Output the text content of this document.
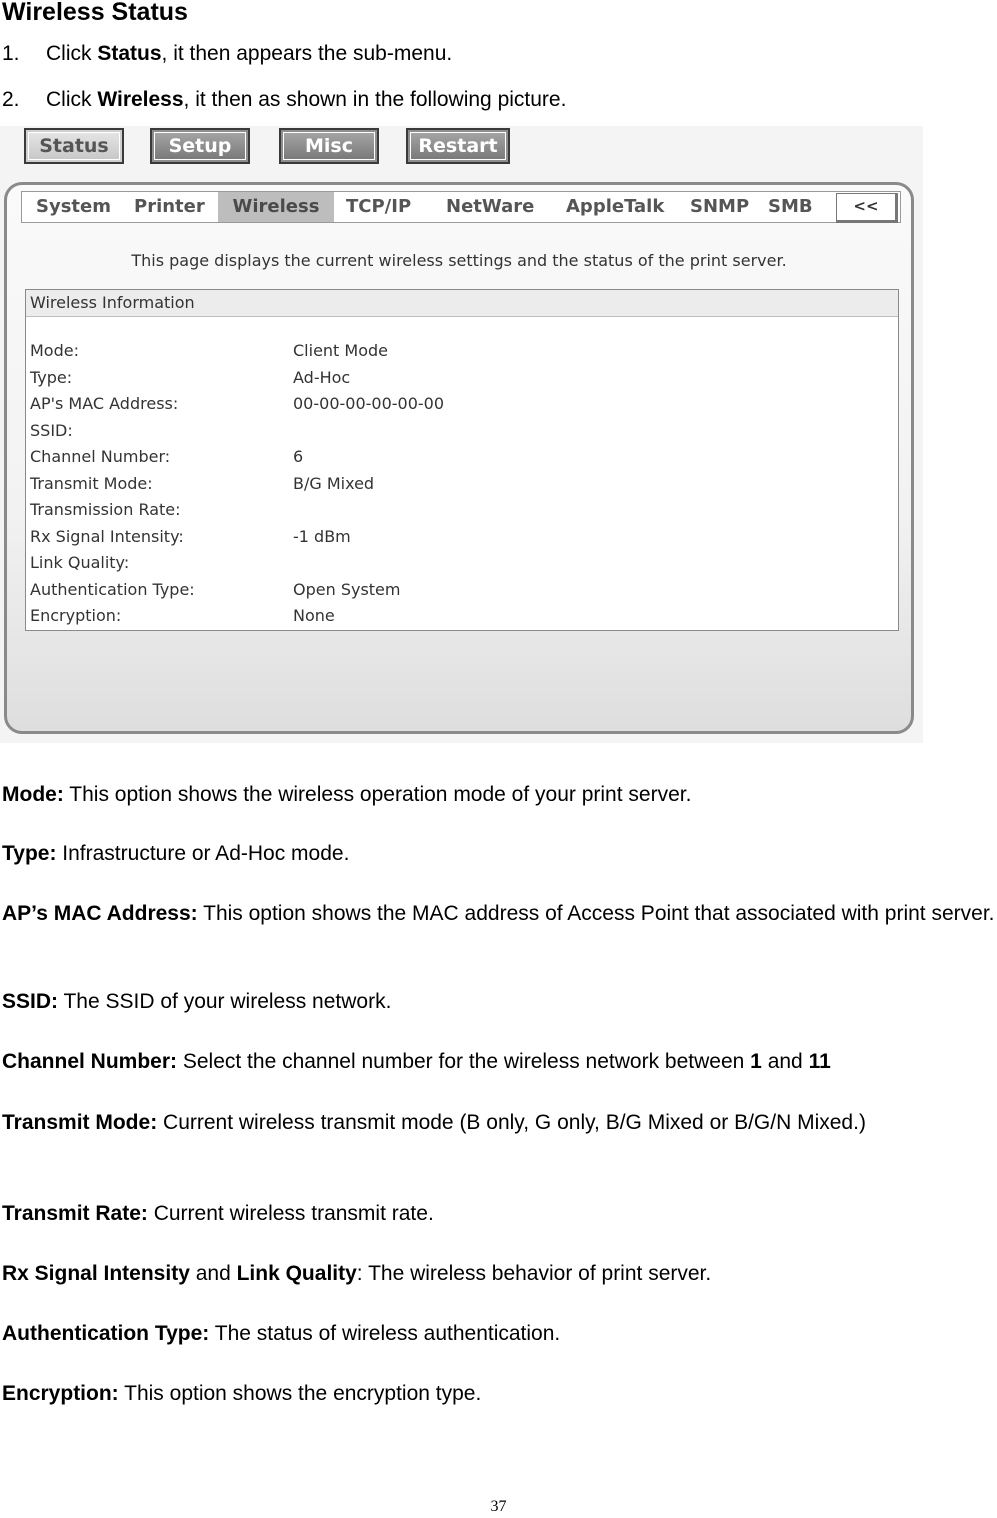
Wireless Status
1. Click Status, it then appears the sub-menu.
2. Click Wireless, it then as shown in the following picture.
Status	Setup	Misc	Restart
System Printer	Wireless	TCP/IP NetWare AppleTalk SNMP SMB	<<
This page displays the current wireless settings and the status of the print server.
Wireless Information
Mode:	Client Mode
Type:	Ad-Hoc
AP's MAC Address:	00-00-00-00-00-00
SSID:
Channel Number:	6
Transmit Mode:	B/G Mixed
Transmission Rate:
Rx Signal Intensity:	-1 dBm
Link Quality:
Authentication Type:	Open System
Encryption:	None
Mode: This option shows the wireless operation mode of your print server.
Type: Infrastructure or Ad-Hoc mode.
AP’s MAC Address: This option shows the MAC address of Access Point that associated with print server.
SSID: The SSID of your wireless network.
Channel Number: Select the channel number for the wireless network between 1 and 11
Transmit Mode: Current wireless transmit mode (B only, G only, B/G Mixed or B/G/N Mixed.)
Transmit Rate: Current wireless transmit rate.
Rx Signal Intensity and Link Quality: The wireless behavior of print server.
Authentication Type: The status of wireless authentication.
Encryption: This option shows the encryption type.
37
